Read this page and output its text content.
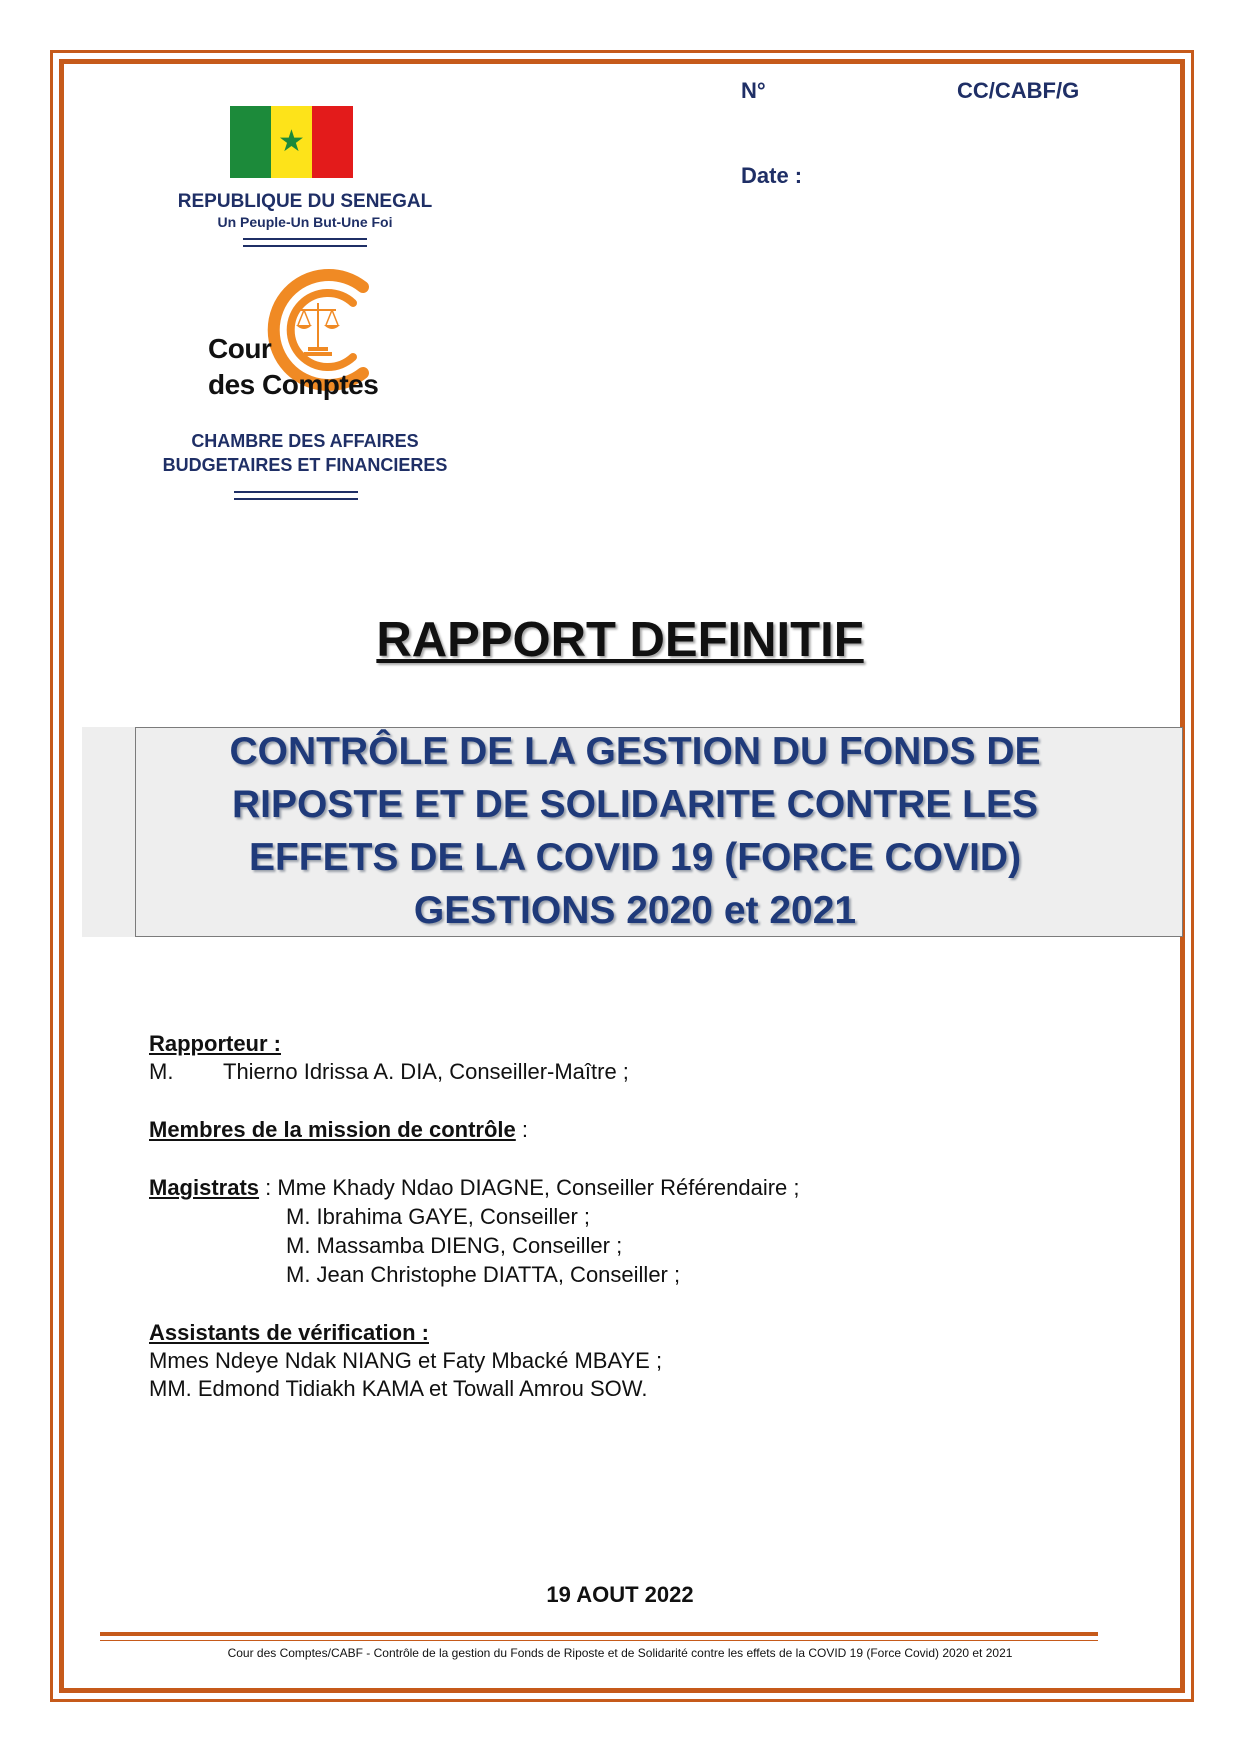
★
REPUBLIQUE DU SENEGAL
Un Peuple-Un But-Une Foi
Cour
des Comptes
CHAMBRE DES AFFAIRES
BUDGETAIRES ET FINANCIERES
N°	CC/CABF/G
Date :
RAPPORT DEFINITIF
CONTRÔLE DE LA GESTION DU FONDS DE
RIPOSTE ET DE SOLIDARITE CONTRE LES
EFFETS DE LA COVID 19 (FORCE COVID)
GESTIONS 2020 et 2021
Rapporteur :
M. Thierno Idrissa A. DIA, Conseiller-Maître ;
Membres de la mission de contrôle :
Magistrats : Mme Khady Ndao DIAGNE, Conseiller Référendaire ;
M. Ibrahima GAYE, Conseiller ;
M. Massamba DIENG, Conseiller ;
M. Jean Christophe DIATTA, Conseiller ;
Assistants de vérification :
Mmes Ndeye Ndak NIANG et Faty Mbacké MBAYE ;
MM. Edmond Tidiakh KAMA et Towall Amrou SOW.
19 AOUT 2022
Cour des Comptes/CABF - Contrôle de la gestion du Fonds de Riposte et de Solidarité contre les effets de la COVID 19 (Force Covid) 2020 et 2021
